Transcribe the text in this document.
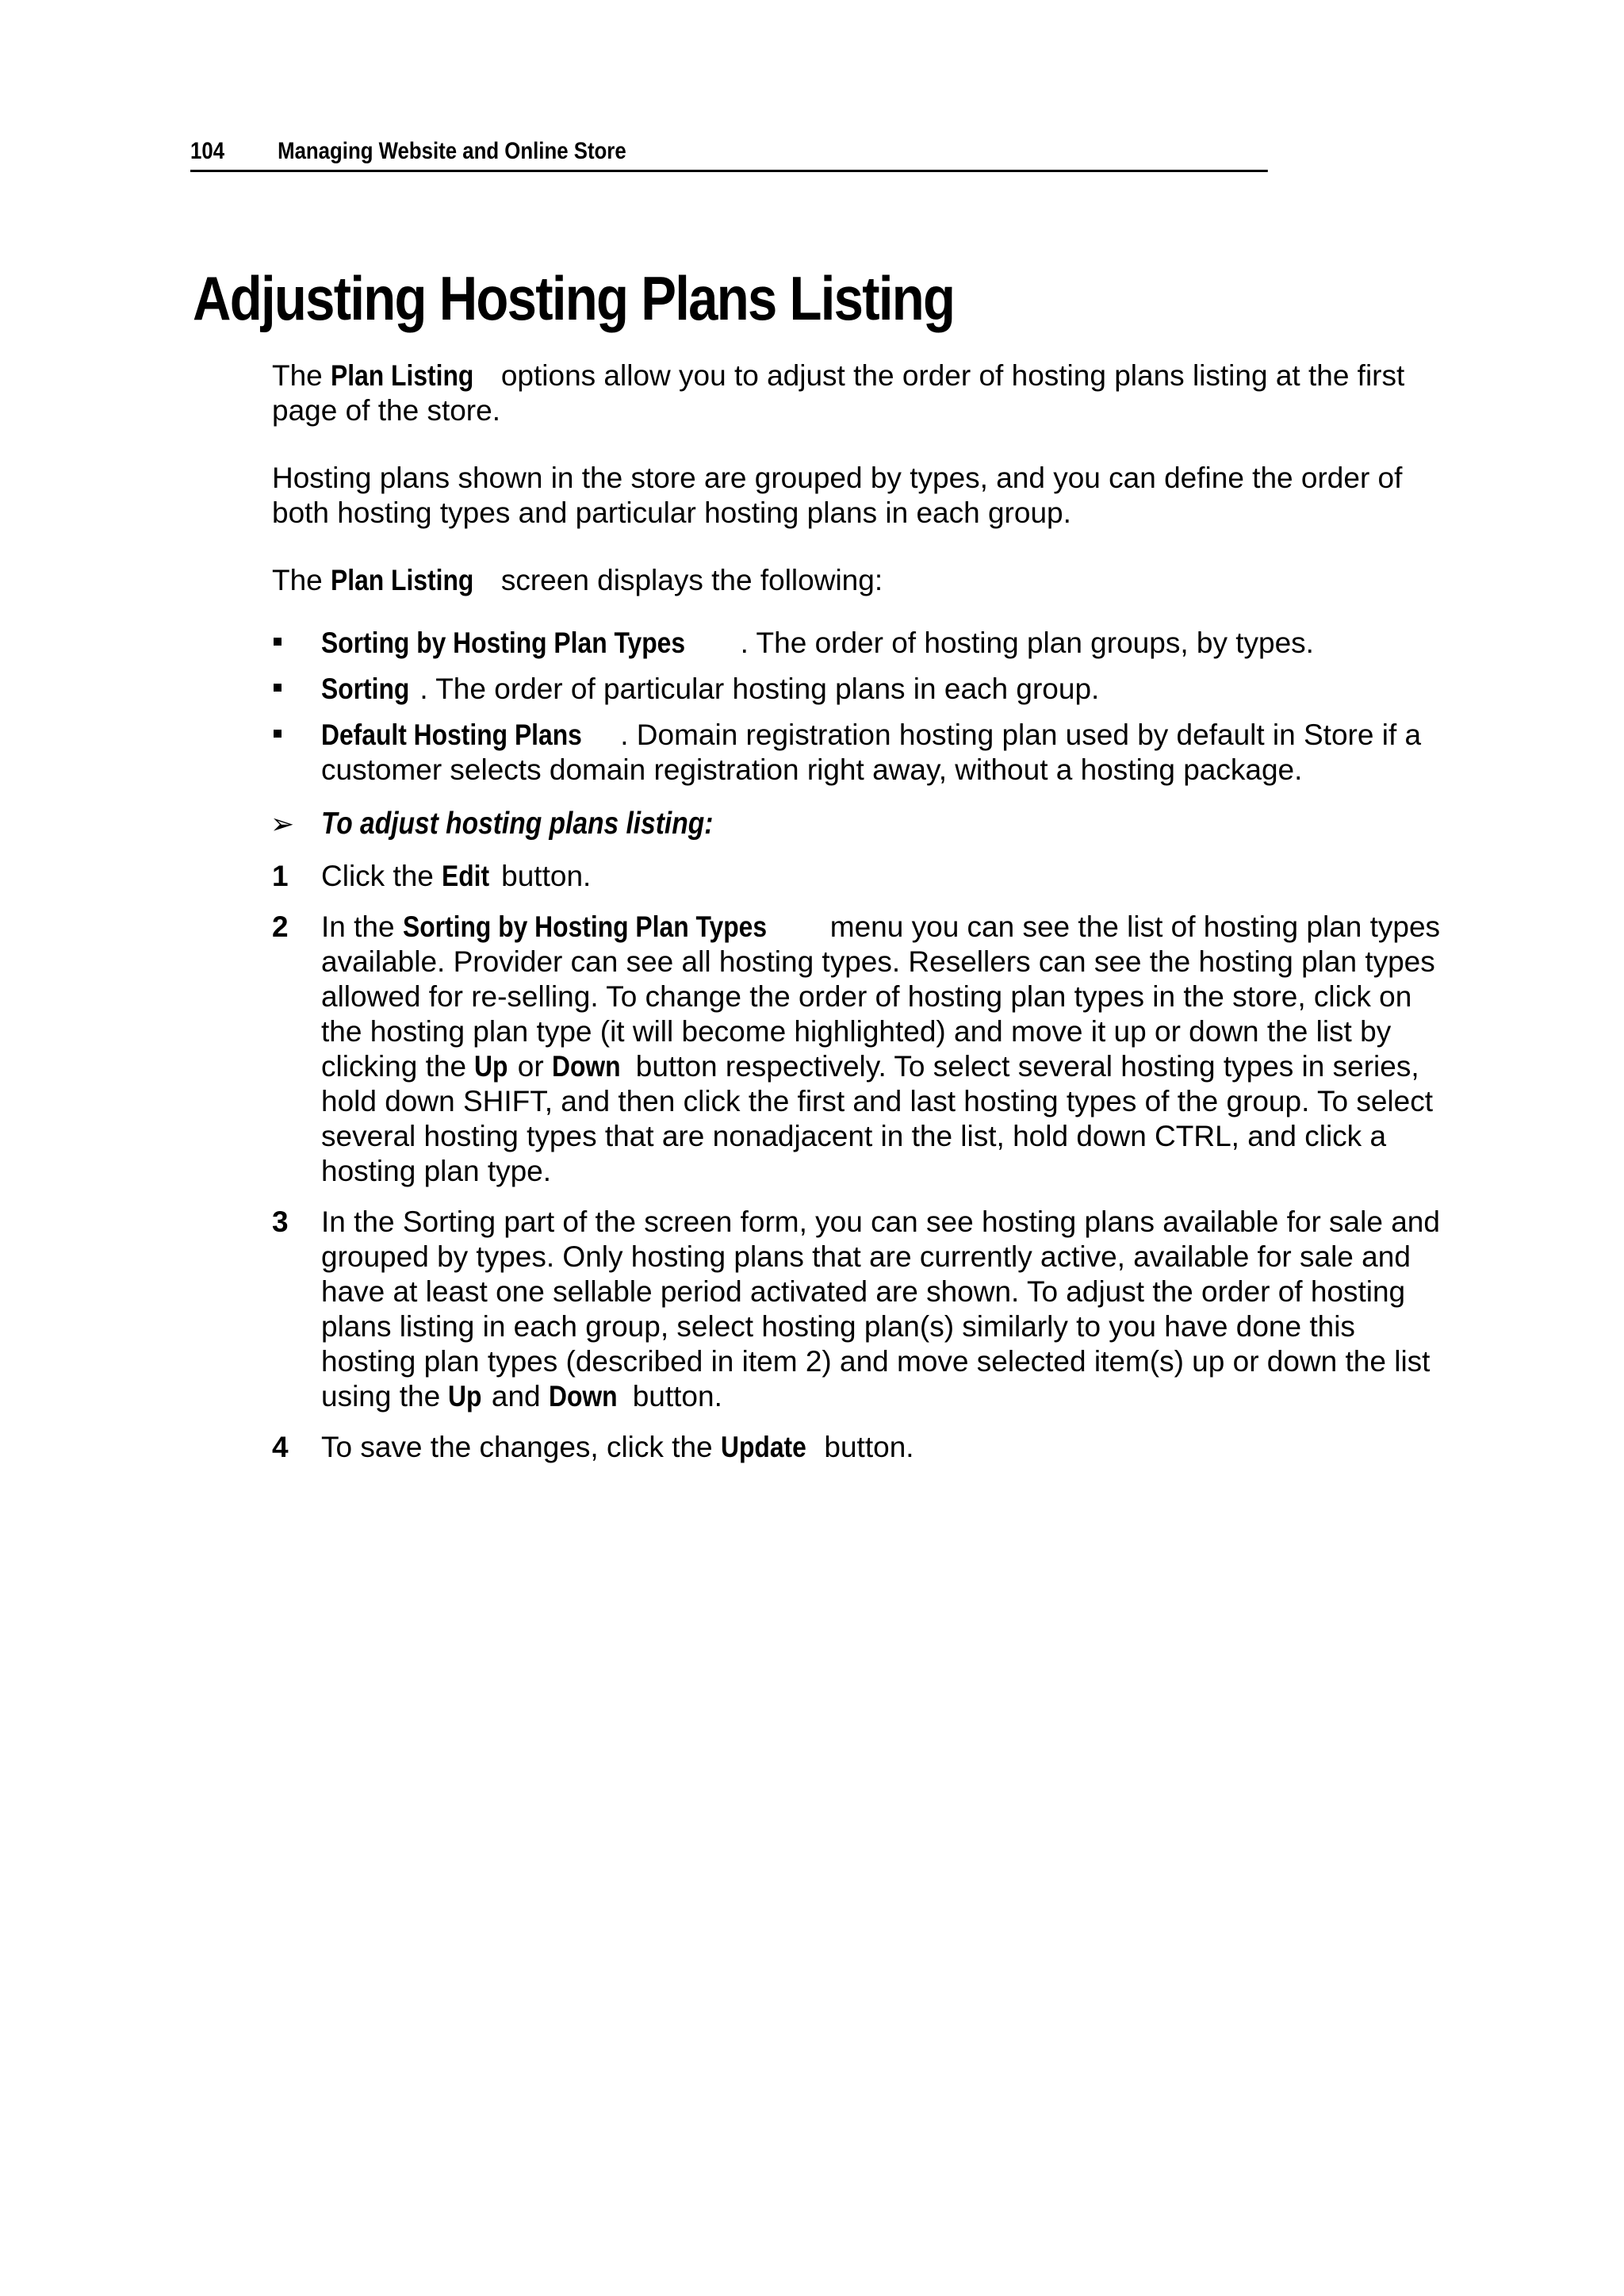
104 Managing Website and Online Store
Adjusting Hosting Plans Listing

The Plan Listing options allow you to adjust the order of hosting plans listing at the first page of the store.

Hosting plans shown in the store are grouped by types, and you can define the order of both hosting types and particular hosting plans in each group.

The Plan Listing screen displays the following:

Sorting by Hosting Plan Types . The order of hosting plan groups, by types.
Sorting . The order of particular hosting plans in each group.
Default Hosting Plans . Domain registration hosting plan used by default in Store if a customer selects domain registration right away, without a hosting package.
➢ To adjust hosting plans listing:
1 Click the Edit button.
2 In the Sorting by Hosting Plan Types menu you can see the list of hosting plan types available. Provider can see all hosting types. Resellers can see the hosting plan types allowed for re-selling. To change the order of hosting plan types in the store, click on the hosting plan type (it will become highlighted) and move it up or down the list by clicking the Up or Down button respectively. To select several hosting types in series, hold down SHIFT, and then click the first and last hosting types of the group. To select several hosting types that are nonadjacent in the list, hold down CTRL, and click a hosting plan type.
3 In the Sorting part of the screen form, you can see hosting plans available for sale and grouped by types. Only hosting plans that are currently active, available for sale and have at least one sellable period activated are shown. To adjust the order of hosting plans listing in each group, select hosting plan(s) similarly to you have done this hosting plan types (described in item 2) and move selected item(s) up or down the list using the Up and Down button.
4 To save the changes, click the Update button.
